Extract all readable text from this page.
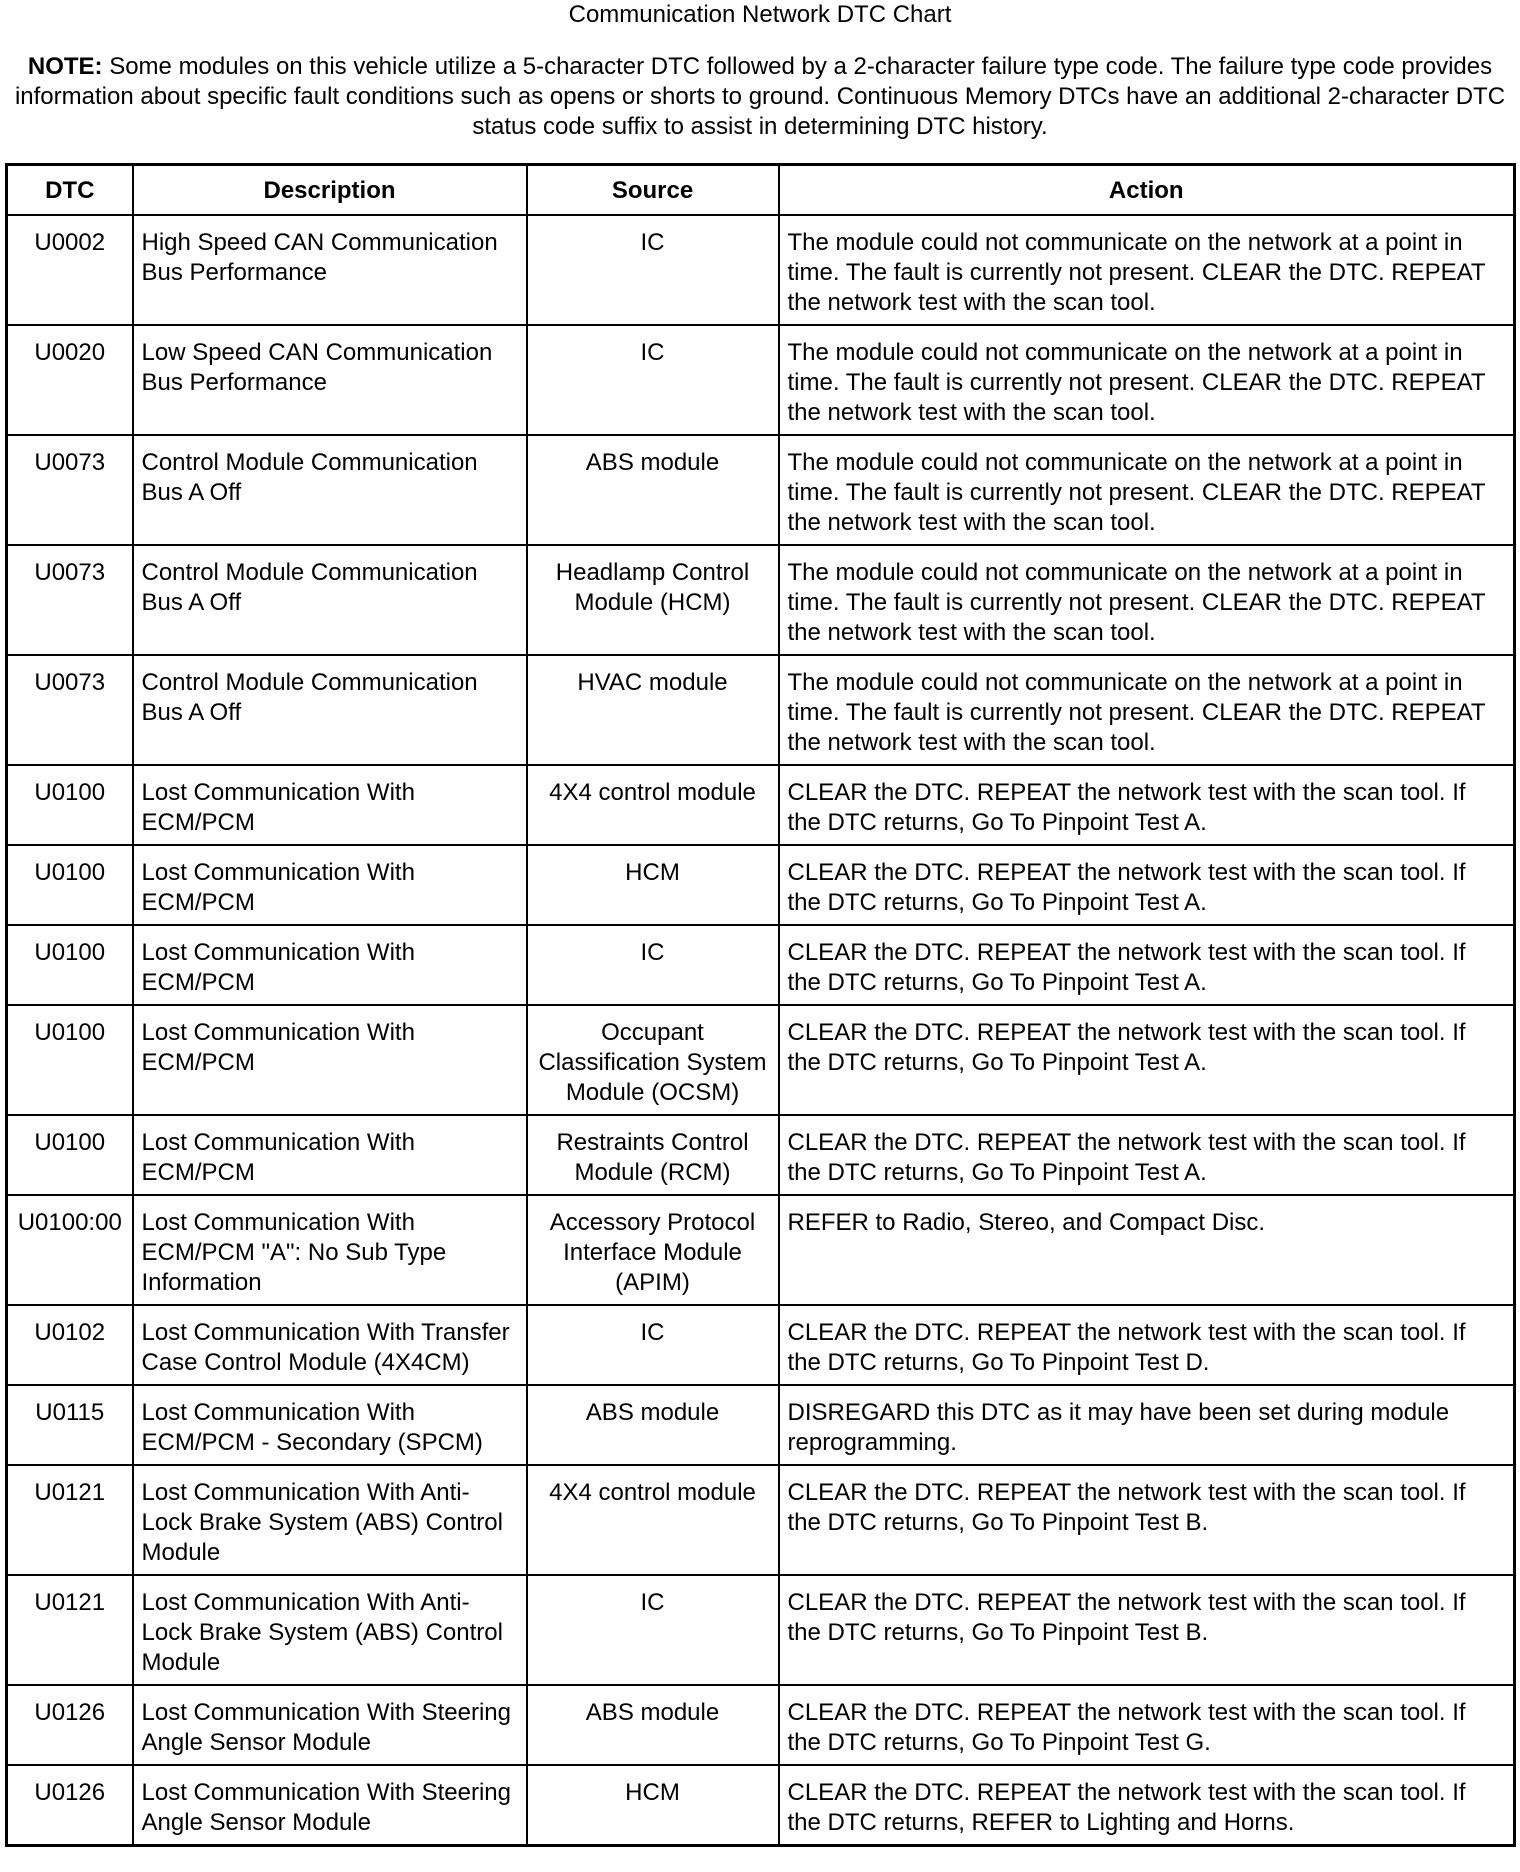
Communication Network DTC Chart
NOTE: Some modules on this vehicle utilize a 5-character DTC followed by a 2-character failure type code. The failure type code provides information about specific fault conditions such as opens or shorts to ground. Continuous Memory DTCs have an additional 2-character DTC status code suffix to assist in determining DTC history.
DTC	Description	Source	Action
U0002	High Speed CAN Communication Bus Performance	IC	The module could not communicate on the network at a point in time. The fault is currently not present. CLEAR the DTC. REPEAT the network test with the scan tool.
U0020	Low Speed CAN Communication Bus Performance	IC	The module could not communicate on the network at a point in time. The fault is currently not present. CLEAR the DTC. REPEAT the network test with the scan tool.
U0073	Control Module Communication Bus A Off	ABS module	The module could not communicate on the network at a point in time. The fault is currently not present. CLEAR the DTC. REPEAT the network test with the scan tool.
U0073	Control Module Communication Bus A Off	Headlamp Control Module (HCM)	The module could not communicate on the network at a point in time. The fault is currently not present. CLEAR the DTC. REPEAT the network test with the scan tool.
U0073	Control Module Communication Bus A Off	HVAC module	The module could not communicate on the network at a point in time. The fault is currently not present. CLEAR the DTC. REPEAT the network test with the scan tool.
U0100	Lost Communication With ECM/PCM	4X4 control module	CLEAR the DTC. REPEAT the network test with the scan tool. If the DTC returns, Go To Pinpoint Test A.
U0100	Lost Communication With ECM/PCM	HCM	CLEAR the DTC. REPEAT the network test with the scan tool. If the DTC returns, Go To Pinpoint Test A.
U0100	Lost Communication With ECM/PCM	IC	CLEAR the DTC. REPEAT the network test with the scan tool. If the DTC returns, Go To Pinpoint Test A.
U0100	Lost Communication With ECM/PCM	Occupant Classification System Module (OCSM)	CLEAR the DTC. REPEAT the network test with the scan tool. If the DTC returns, Go To Pinpoint Test A.
U0100	Lost Communication With ECM/PCM	Restraints Control Module (RCM)	CLEAR the DTC. REPEAT the network test with the scan tool. If the DTC returns, Go To Pinpoint Test A.
U0100:00	Lost Communication With ECM/PCM "A": No Sub Type Information	Accessory Protocol Interface Module (APIM)	REFER to Radio, Stereo, and Compact Disc.
U0102	Lost Communication With Transfer Case Control Module (4X4CM)	IC	CLEAR the DTC. REPEAT the network test with the scan tool. If the DTC returns, Go To Pinpoint Test D.
U0115	Lost Communication With ECM/PCM - Secondary (SPCM)	ABS module	DISREGARD this DTC as it may have been set during module reprogramming.
U0121	Lost Communication With Anti-Lock Brake System (ABS) Control Module	4X4 control module	CLEAR the DTC. REPEAT the network test with the scan tool. If the DTC returns, Go To Pinpoint Test B.
U0121	Lost Communication With Anti-Lock Brake System (ABS) Control Module	IC	CLEAR the DTC. REPEAT the network test with the scan tool. If the DTC returns, Go To Pinpoint Test B.
U0126	Lost Communication With Steering Angle Sensor Module	ABS module	CLEAR the DTC. REPEAT the network test with the scan tool. If the DTC returns, Go To Pinpoint Test G.
U0126	Lost Communication With Steering Angle Sensor Module	HCM	CLEAR the DTC. REPEAT the network test with the scan tool. If the DTC returns, REFER to Lighting and Horns.
